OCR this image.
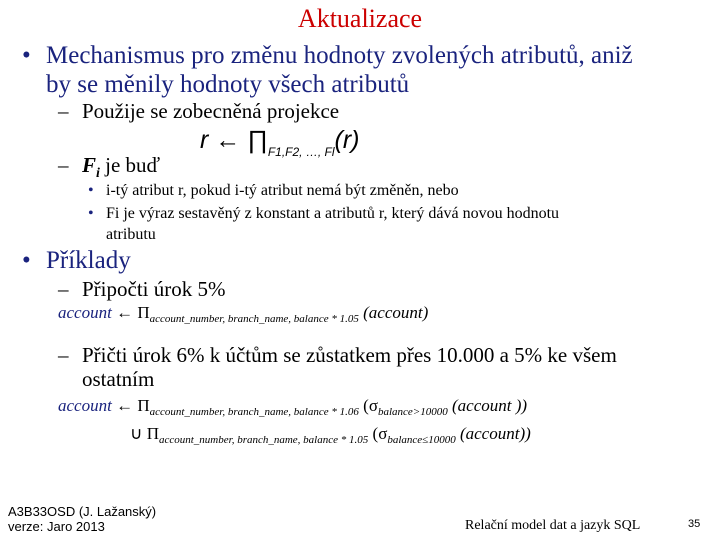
Aktualizace
• Mechanismus pro změnu hodnoty zvolených atributů, aniž
by se měnily hodnoty všech atributů
– Použije se zobecněná projekce
r ← $\prod_{F1,F2, \dots, Fl}(r)$
– $F_i$ je buď
• i-tý atribut r, pokud i-tý atribut nemá být změněn, nebo
• Fi je výraz sestavěný z konstant a atributů r, který dává novou hodnotu
atributu
• Příklady
– Připočti úrok 5%
account ← $\Pi_{account\_number, branch\_name, balance * 1.05}$ (account)
– Přičti úrok 6% k účtům se zůstatkem přes 10.000 a 5% ke všem
ostatním
account ← $\Pi_{account\_number, branch\_name, balance * 1.06}$ ($\sigma_{balance>10000}$ (account ))
∪ $\Pi_{account\_number, branch\_name, balance * 1.05}$ ($\sigma_{balance\le 10000}$ (account))
A3B33OSD (J. Lažanský)
verze: Jaro 2013	Relační model dat a jazyk SQL	35
